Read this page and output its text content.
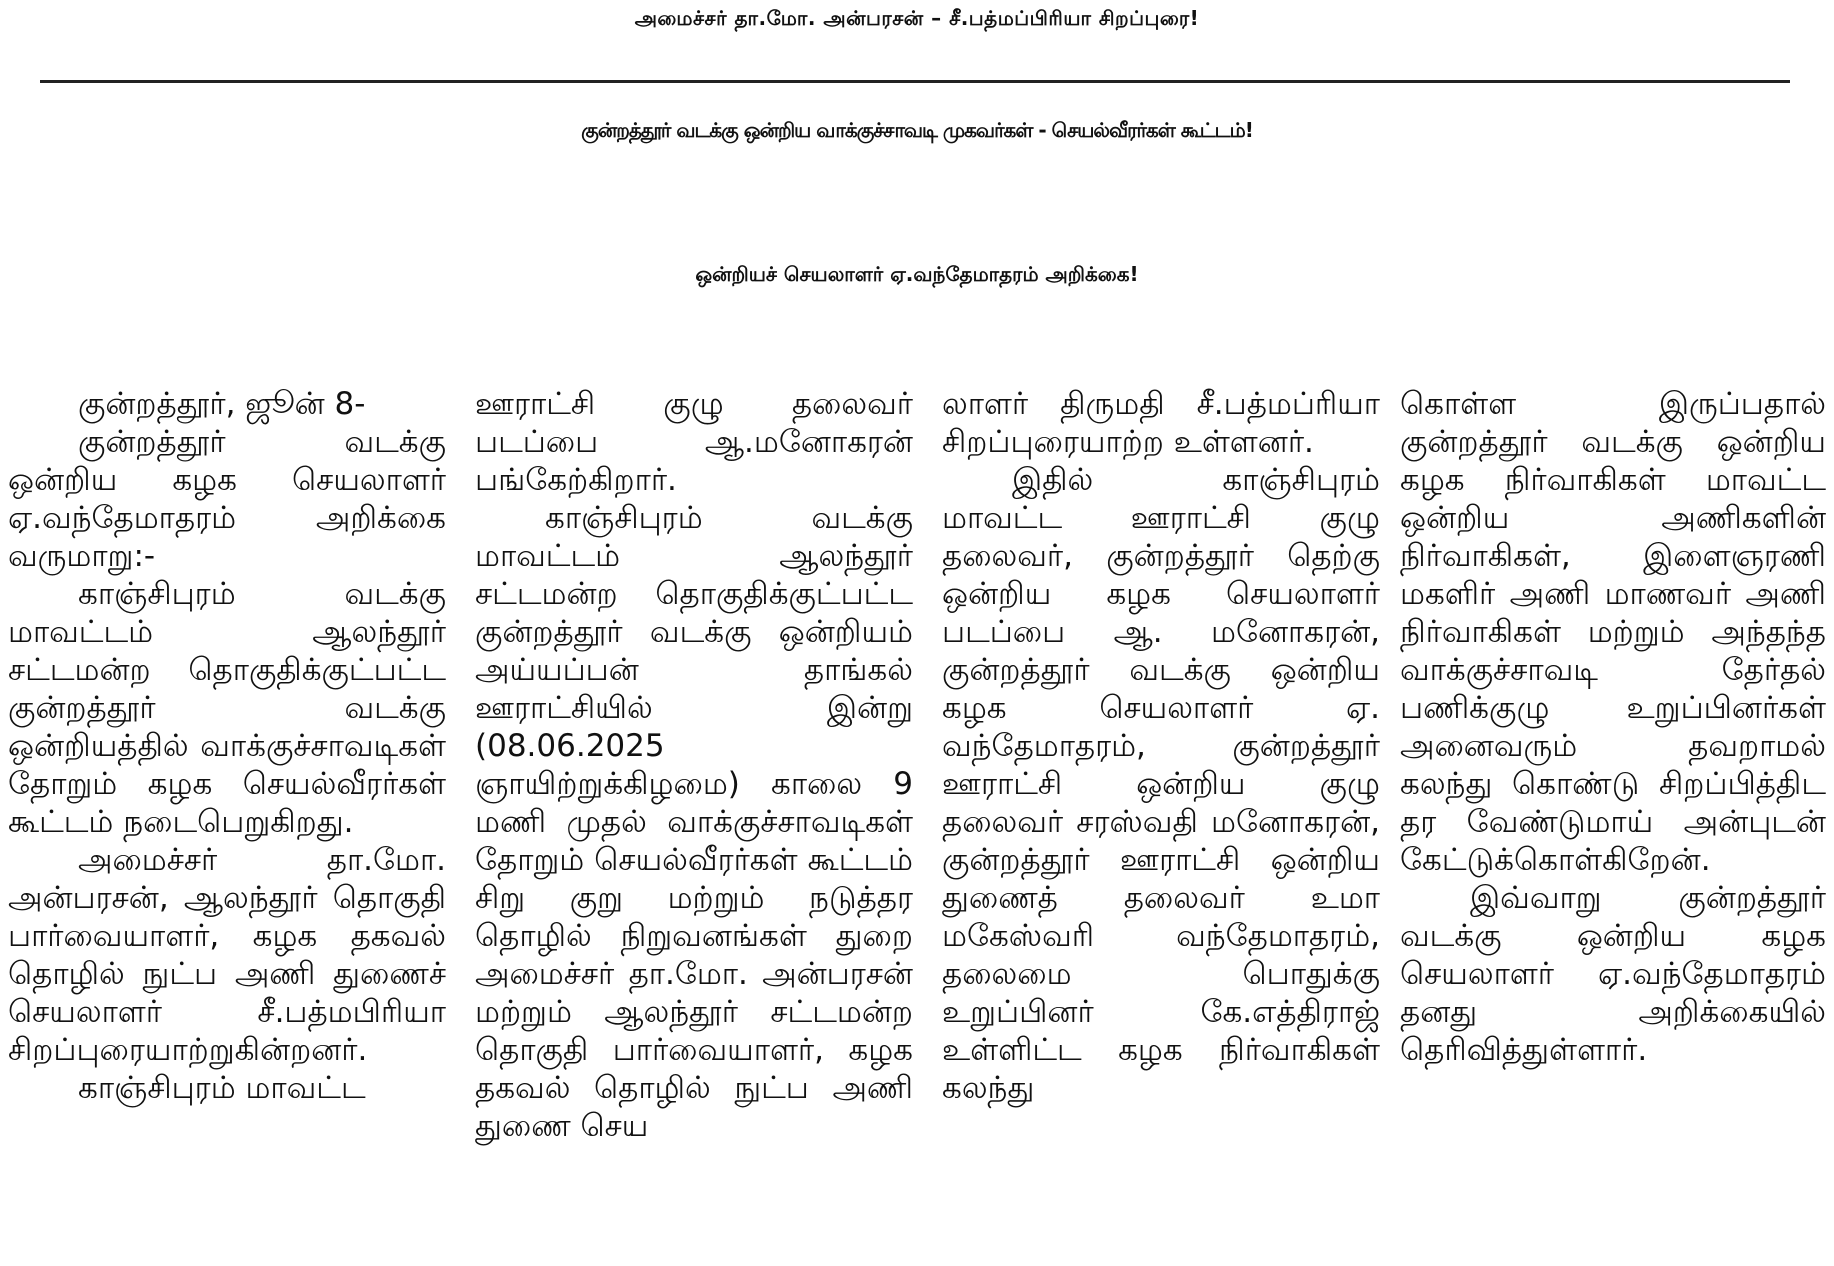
அமைச்சர் தா.மோ. அன்பரசன் – சீ.பத்மப்பிரியா சிறப்புரை!
குன்றத்தூர் வடக்கு ஒன்றிய வாக்குச்சாவடி முகவர்கள் - செயல்வீரர்கள் கூட்டம்!
ஒன்றியச் செயலாளர் ஏ.வந்தேமாதரம் அறிக்கை!

குன்றத்தூர், ஜூன் 8-

குன்றத்தூர் வடக்கு ஒன்றிய கழக செயலாளர் ஏ.வந்தேமாதரம் அறிக்கை வருமாறு:-

காஞ்சிபுரம் வடக்கு மாவட்டம் ஆலந்தூர் சட்டமன்ற தொகுதிக்குட்பட்ட குன்றத்தூர் வடக்கு ஒன்றியத்தில் வாக்குச்சாவடிகள் தோறும் கழக செயல்வீரர்கள் கூட்டம் நடைபெறுகிறது.

அமைச்சர் தா.மோ. அன்பரசன், ஆலந்தூர் தொகுதி பார்வையாளர், கழக தகவல் தொழில் நுட்ப அணி துணைச் செயலாளர் சீ.பத்மபிரியா சிறப்புரையாற்றுகின்றனர்.

காஞ்சிபுரம் மாவட்ட

ஊராட்சி குழு தலைவர் படப்பை ஆ.மனோகரன் பங்கேற்கிறார்.

காஞ்சிபுரம் வடக்கு மாவட்டம் ஆலந்தூர் சட்டமன்ற தொகுதிக்குட்பட்ட குன்றத்தூர் வடக்கு ஒன்றியம் அய்யப்பன் தாங்கல் ஊராட்சியில் இன்று (08.06.2025 ஞாயிற்றுக்கிழமை) காலை 9 மணி முதல் வாக்குச்சாவடிகள் தோறும் செயல்வீரர்கள் கூட்டம் சிறு குறு மற்றும் நடுத்தர தொழில் நிறுவனங்கள் துறை அமைச்சர் தா.மோ. அன்பரசன் மற்றும் ஆலந்தூர் சட்டமன்ற தொகுதி பார்வையாளர், கழக தகவல் தொழில் நுட்ப அணி துணை செய

லாளர் திருமதி சீ.பத்மப்ரியா சிறப்புரையாற்ற உள்ளனர்.

இதில் காஞ்சிபுரம் மாவட்ட ஊராட்சி குழு தலைவர், குன்றத்தூர் தெற்கு ஒன்றிய கழக செயலாளர் படப்பை ஆ. மனோகரன், குன்றத்தூர் வடக்கு ஒன்றிய கழக செயலாளர் ஏ. வந்தேமாதரம், குன்றத்தூர் ஊராட்சி ஒன்றிய குழு தலைவர் சரஸ்வதி மனோகரன், குன்றத்தூர் ஊராட்சி ஒன்றிய துணைத் தலைவர் உமா மகேஸ்வரி வந்தேமாதரம், தலைமை பொதுக்கு உறுப்பினர் கே.எத்திராஜ் உள்ளிட்ட கழக நிர்வாகிகள் கலந்து

கொள்ள இருப்பதால் குன்றத்தூர் வடக்கு ஒன்றிய கழக நிர்வாகிகள் மாவட்ட ஒன்றிய அணிகளின் நிர்வாகிகள், இளைஞரணி மகளிர் அணி மாணவர் அணி நிர்வாகிகள் மற்றும் அந்தந்த வாக்குச்சாவடி தேர்தல் பணிக்குழு உறுப்பினர்கள் அனைவரும் தவறாமல் கலந்து கொண்டு சிறப்பித்திட தர வேண்டுமாய் அன்புடன் கேட்டுக்கொள்கிறேன்.

இவ்வாறு குன்றத்தூர் வடக்கு ஒன்றிய கழக செயலாளர் ஏ.வந்தேமாதரம் தனது அறிக்கையில் தெரிவித்துள்ளார்.
